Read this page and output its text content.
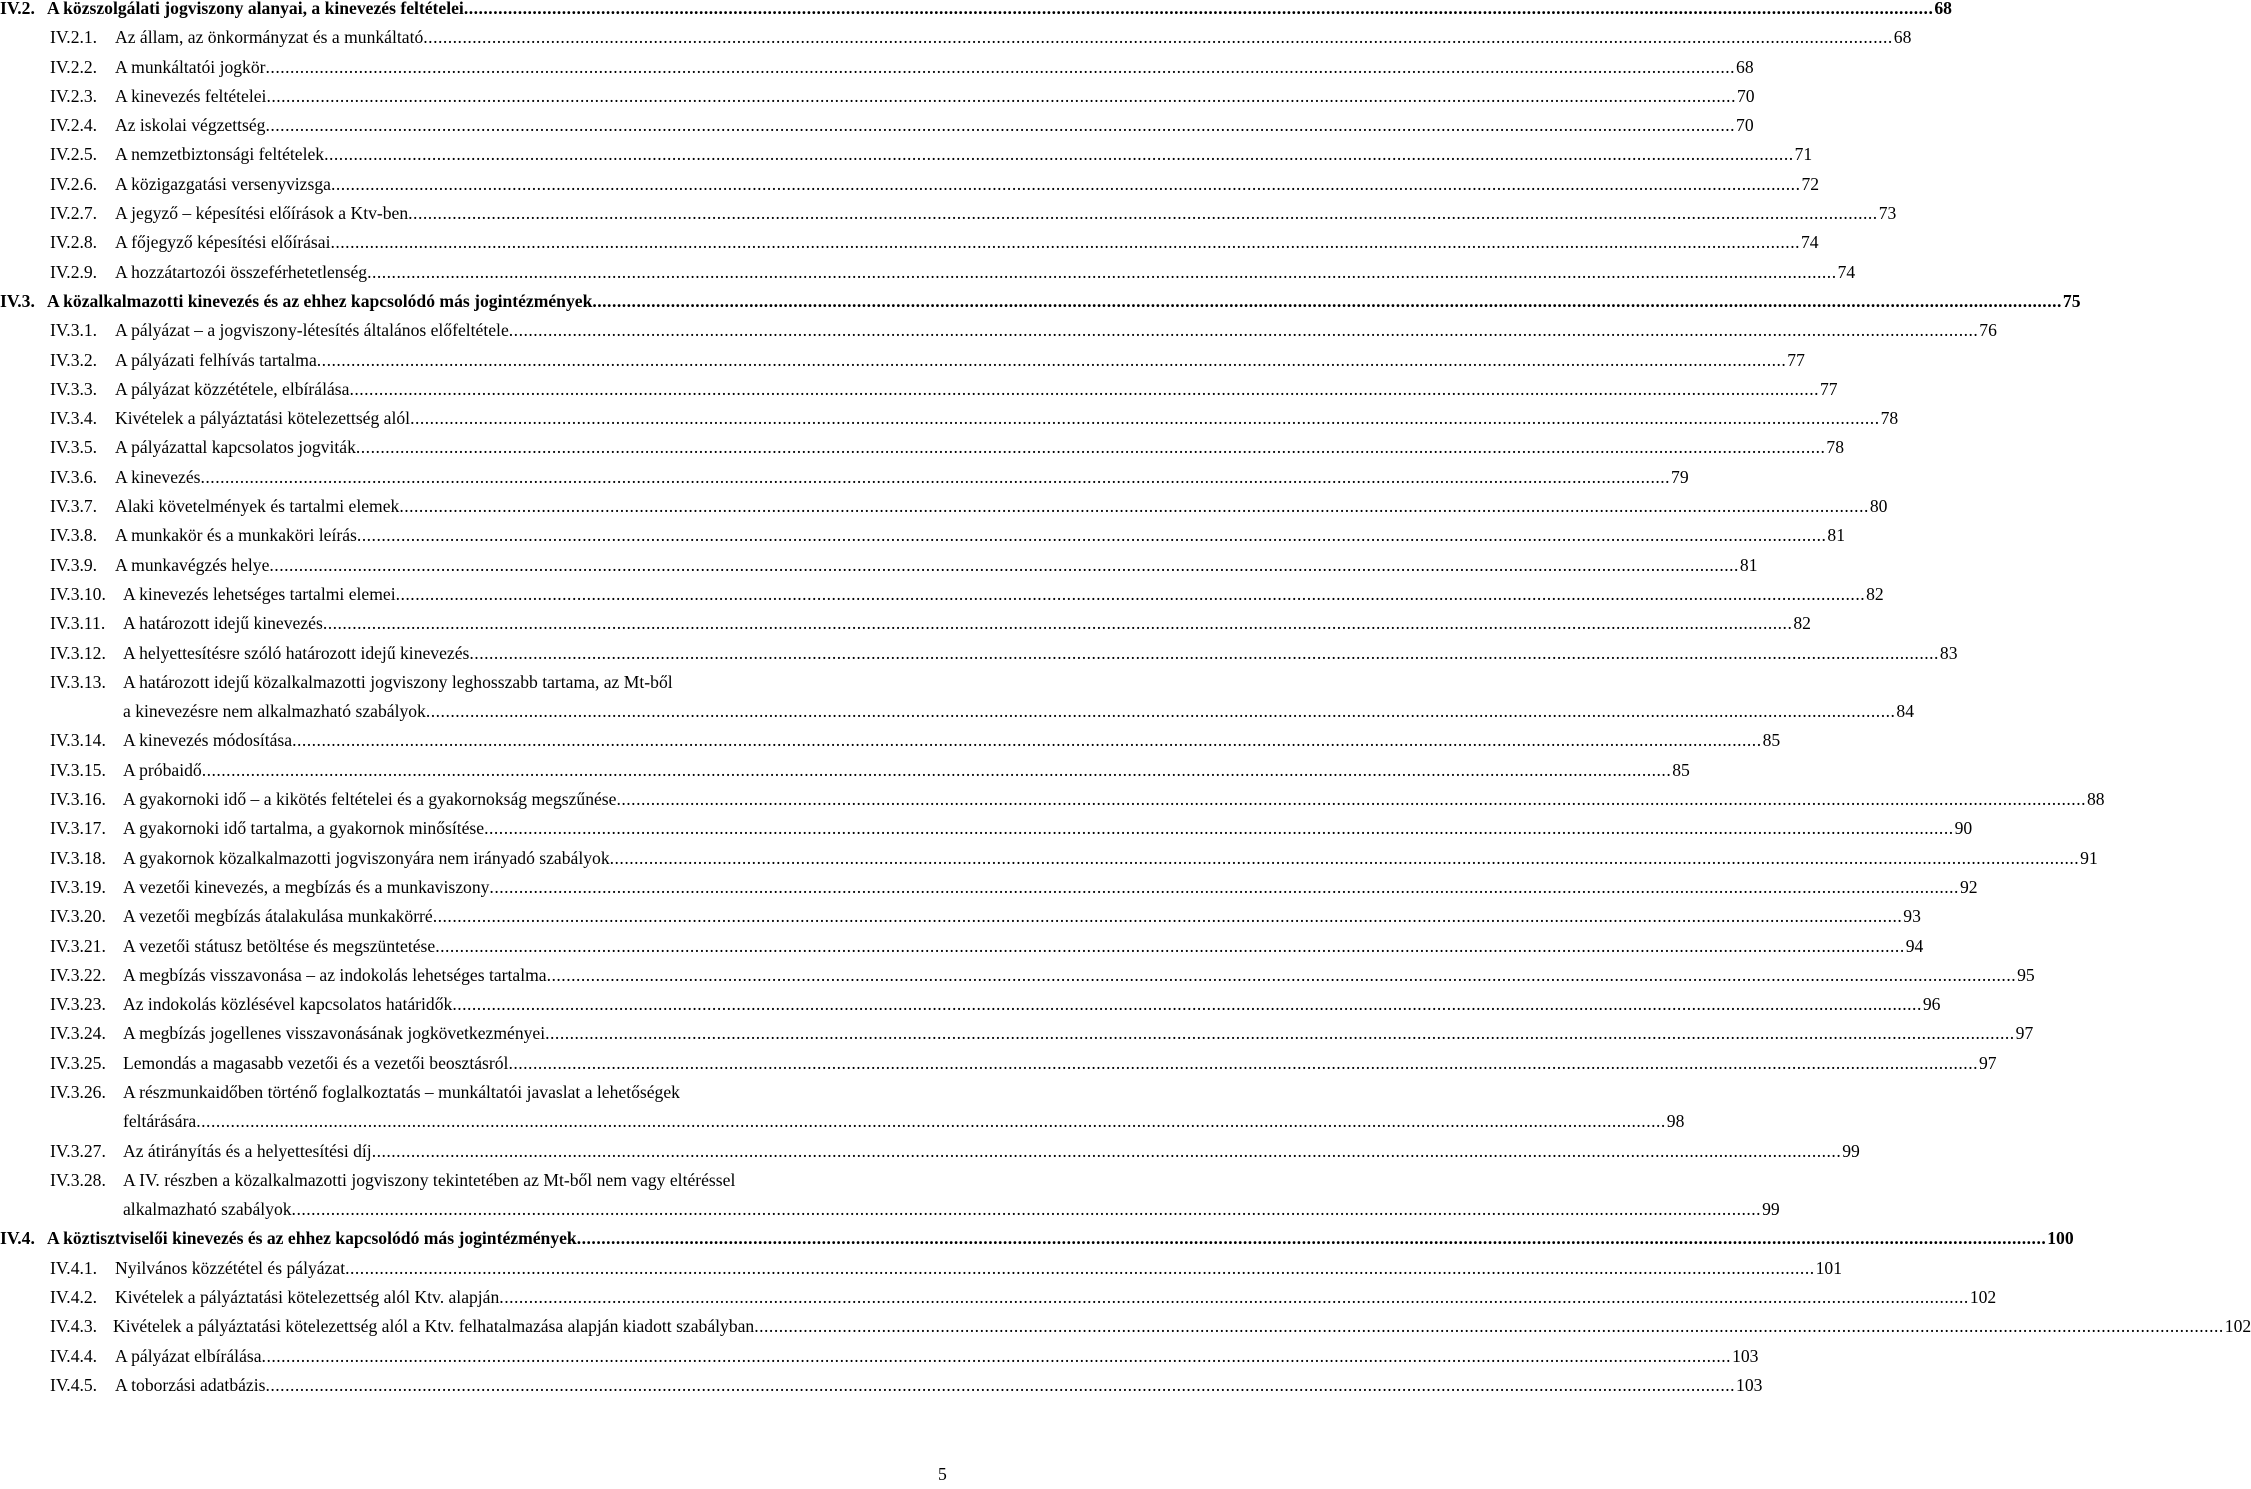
IV.2. A közszolgálati jogviszony alanyai, a kinevezés feltételei ............................................................................................................................................................................................................................................................................................................ 68
IV.2.1. Az állam, az önkormányzat és a munkáltató ............................................................................................................................................................................................................................................................................................................ 68
IV.2.2. A munkáltatói jogkör ............................................................................................................................................................................................................................................................................................................ 68
IV.2.3. A kinevezés feltételei ............................................................................................................................................................................................................................................................................................................ 70
IV.2.4. Az iskolai végzettség ............................................................................................................................................................................................................................................................................................................ 70
IV.2.5. A nemzetbiztonsági feltételek ............................................................................................................................................................................................................................................................................................................ 71
IV.2.6. A közigazgatási versenyvizsga ............................................................................................................................................................................................................................................................................................................ 72
IV.2.7. A jegyző – képesítési előírások a Ktv-ben ............................................................................................................................................................................................................................................................................................................ 73
IV.2.8. A főjegyző képesítési előírásai ............................................................................................................................................................................................................................................................................................................ 74
IV.2.9. A hozzátartozói összeférhetetlenség ............................................................................................................................................................................................................................................................................................................ 74
IV.3. A közalkalmazotti kinevezés és az ehhez kapcsolódó más jogintézmények ............................................................................................................................................................................................................................................................................................................ 75
IV.3.1. A pályázat – a jogviszony-létesítés általános előfeltétele ............................................................................................................................................................................................................................................................................................................ 76
IV.3.2. A pályázati felhívás tartalma ............................................................................................................................................................................................................................................................................................................ 77
IV.3.3. A pályázat közzététele, elbírálása ............................................................................................................................................................................................................................................................................................................ 77
IV.3.4. Kivételek a pályáztatási kötelezettség alól ............................................................................................................................................................................................................................................................................................................ 78
IV.3.5. A pályázattal kapcsolatos jogviták ............................................................................................................................................................................................................................................................................................................ 78
IV.3.6. A kinevezés ............................................................................................................................................................................................................................................................................................................ 79
IV.3.7. Alaki követelmények és tartalmi elemek ............................................................................................................................................................................................................................................................................................................ 80
IV.3.8. A munkakör és a munkaköri leírás ............................................................................................................................................................................................................................................................................................................ 81
IV.3.9. A munkavégzés helye ............................................................................................................................................................................................................................................................................................................ 81
IV.3.10. A kinevezés lehetséges tartalmi elemei ............................................................................................................................................................................................................................................................................................................ 82
IV.3.11. A határozott idejű kinevezés ............................................................................................................................................................................................................................................................................................................ 82
IV.3.12. A helyettesítésre szóló határozott idejű kinevezés ............................................................................................................................................................................................................................................................................................................ 83
IV.3.13. A határozott idejű közalkalmazotti jogviszony leghosszabb tartama, az Mt-ből
a kinevezésre nem alkalmazható szabályok ............................................................................................................................................................................................................................................................................................................ 84
IV.3.14. A kinevezés módosítása ............................................................................................................................................................................................................................................................................................................ 85
IV.3.15. A próbaidő ............................................................................................................................................................................................................................................................................................................ 85
IV.3.16. A gyakornoki idő – a kikötés feltételei és a gyakornokság megszűnése ............................................................................................................................................................................................................................................................................................................ 88
IV.3.17. A gyakornoki idő tartalma, a gyakornok minősítése ............................................................................................................................................................................................................................................................................................................ 90
IV.3.18. A gyakornok közalkalmazotti jogviszonyára nem irányadó szabályok ............................................................................................................................................................................................................................................................................................................ 91
IV.3.19. A vezetői kinevezés, a megbízás és a munkaviszony ............................................................................................................................................................................................................................................................................................................ 92
IV.3.20. A vezetői megbízás átalakulása munkakörré ............................................................................................................................................................................................................................................................................................................ 93
IV.3.21. A vezetői státusz betöltése és megszüntetése ............................................................................................................................................................................................................................................................................................................ 94
IV.3.22. A megbízás visszavonása – az indokolás lehetséges tartalma ............................................................................................................................................................................................................................................................................................................ 95
IV.3.23. Az indokolás közlésével kapcsolatos határidők ............................................................................................................................................................................................................................................................................................................ 96
IV.3.24. A megbízás jogellenes visszavonásának jogkövetkezményei ............................................................................................................................................................................................................................................................................................................ 97
IV.3.25. Lemondás a magasabb vezetői és a vezetői beosztásról ............................................................................................................................................................................................................................................................................................................ 97
IV.3.26. A részmunkaidőben történő foglalkoztatás – munkáltatói javaslat a lehetőségek
feltárására ............................................................................................................................................................................................................................................................................................................ 98
IV.3.27. Az átirányítás és a helyettesítési díj ............................................................................................................................................................................................................................................................................................................ 99
IV.3.28. A IV. részben a közalkalmazotti jogviszony tekintetében az Mt-ből nem vagy eltéréssel
alkalmazható szabályok ............................................................................................................................................................................................................................................................................................................ 99
IV.4. A köztisztviselői kinevezés és az ehhez kapcsolódó más jogintézmények ............................................................................................................................................................................................................................................................................................................ 100
IV.4.1. Nyilvános közzététel és pályázat ............................................................................................................................................................................................................................................................................................................ 101
IV.4.2. Kivételek a pályáztatási kötelezettség alól Ktv. alapján ............................................................................................................................................................................................................................................................................................................ 102
IV.4.3. Kivételek a pályáztatási kötelezettség alól a Ktv. felhatalmazása alapján kiadott szabályban ............................................................................................................................................................................................................................................................................................................ 102
IV.4.4. A pályázat elbírálása ............................................................................................................................................................................................................................................................................................................ 103
IV.4.5. A toborzási adatbázis ............................................................................................................................................................................................................................................................................................................ 103
5
